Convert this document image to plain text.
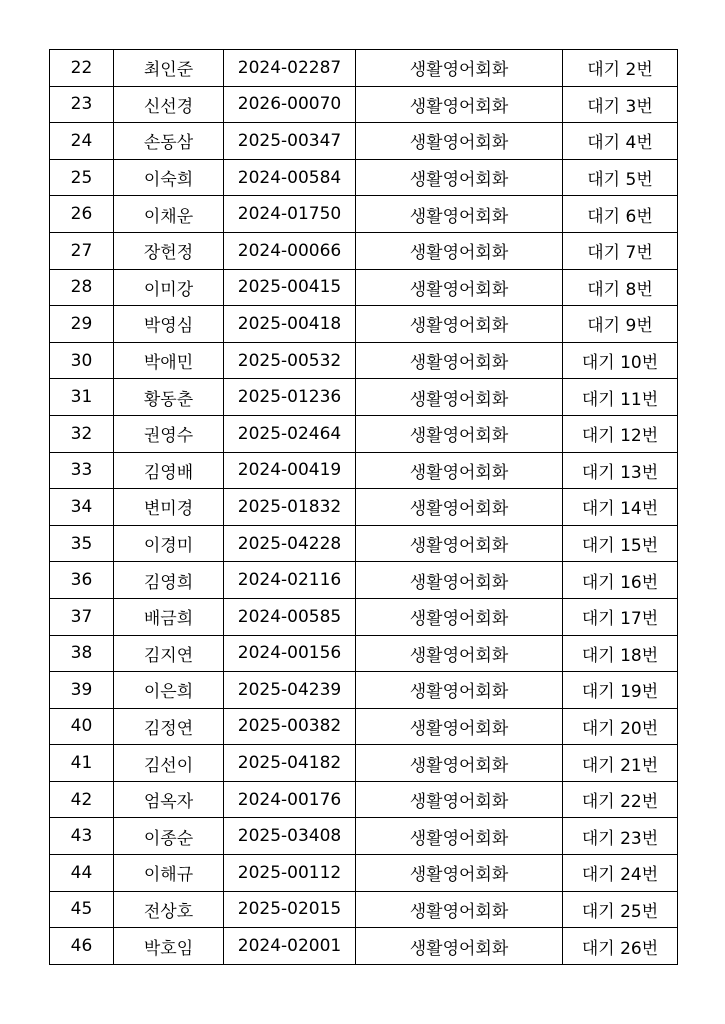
22	최인준	2024-02287	생활영어회화	대기 2번
23	신선경	2026-00070	생활영어회화	대기 3번
24	손동삼	2025-00347	생활영어회화	대기 4번
25	이숙희	2024-00584	생활영어회화	대기 5번
26	이채운	2024-01750	생활영어회화	대기 6번
27	장헌정	2024-00066	생활영어회화	대기 7번
28	이미강	2025-00415	생활영어회화	대기 8번
29	박영심	2025-00418	생활영어회화	대기 9번
30	박애민	2025-00532	생활영어회화	대기 10번
31	황동춘	2025-01236	생활영어회화	대기 11번
32	권영수	2025-02464	생활영어회화	대기 12번
33	김영배	2024-00419	생활영어회화	대기 13번
34	변미경	2025-01832	생활영어회화	대기 14번
35	이경미	2025-04228	생활영어회화	대기 15번
36	김영희	2024-02116	생활영어회화	대기 16번
37	배금희	2024-00585	생활영어회화	대기 17번
38	김지연	2024-00156	생활영어회화	대기 18번
39	이은희	2025-04239	생활영어회화	대기 19번
40	김정연	2025-00382	생활영어회화	대기 20번
41	김선이	2025-04182	생활영어회화	대기 21번
42	엄옥자	2024-00176	생활영어회화	대기 22번
43	이종순	2025-03408	생활영어회화	대기 23번
44	이해규	2025-00112	생활영어회화	대기 24번
45	전상호	2025-02015	생활영어회화	대기 25번
46	박호임	2024-02001	생활영어회화	대기 26번
